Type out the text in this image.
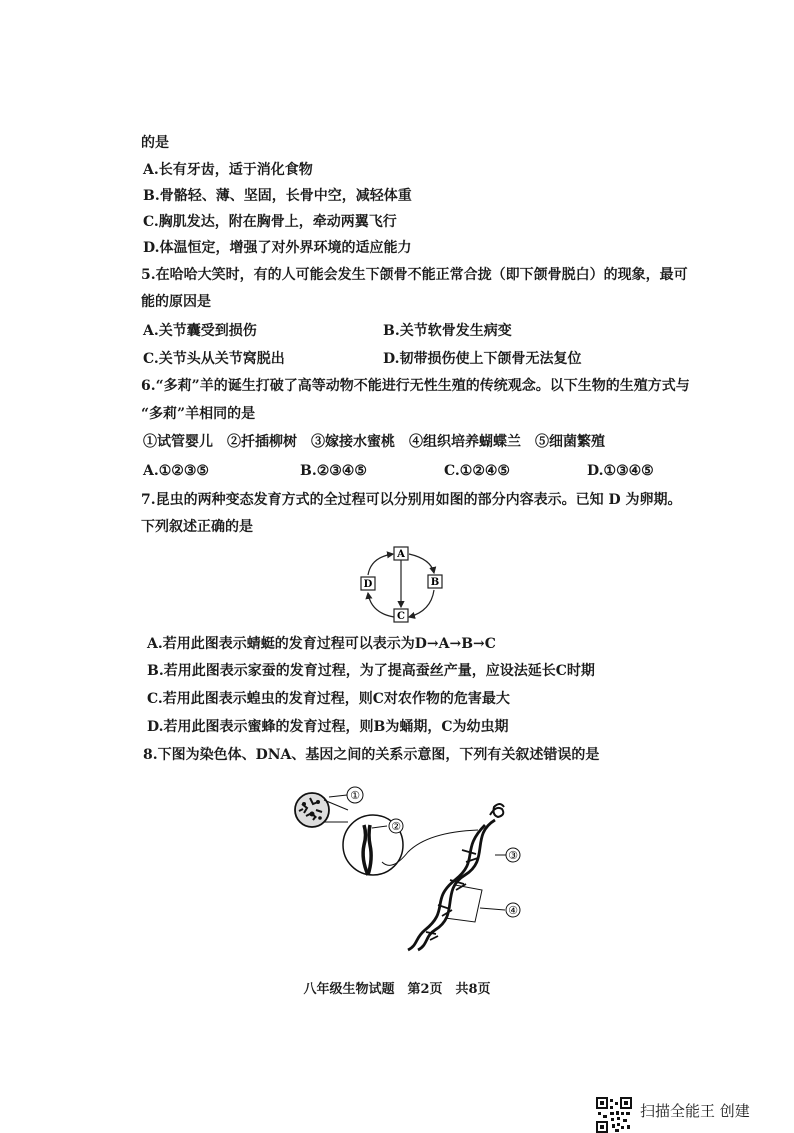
的是
A.长有牙齿，适于消化食物
B.骨骼轻、薄、坚固，长骨中空，减轻体重
C.胸肌发达，附在胸骨上，牵动两翼飞行
D.体温恒定，增强了对外界环境的适应能力
5.在哈哈大笑时，有的人可能会发生下颌骨不能正常合拢（即下颌骨脱白）的现象，最可
能的原因是
A.关节囊受到损伤	B.关节软骨发生病变
C.关节头从关节窝脱出	D.韧带损伤使上下颌骨无法复位
6.“多莉”羊的诞生打破了高等动物不能进行无性生殖的传统观念。以下生物的生殖方式与
“多莉”羊相同的是
①试管婴儿　②扦插柳树　③嫁接水蜜桃　④组织培养蝴蝶兰　⑤细菌繁殖
A.①②③⑤	B.②③④⑤	C.①②④⑤	D.①③④⑤
7.昆虫的两种变态发育方式的全过程可以分别用如图的部分内容表示。已知 D 为卵期。
下列叙述正确的是
A
B
C
D
A.若用此图表示蜻蜓的发育过程可以表示为D→A→B→C
B.若用此图表示家蚕的发育过程，为了提高蚕丝产量，应设法延长C时期
C.若用此图表示蝗虫的发育过程，则C对农作物的危害最大
D.若用此图表示蜜蜂的发育过程，则B为蛹期，C为幼虫期
8.下图为染色体、DNA、基因之间的关系示意图，下列有关叙述错误的是
①
②
③
④
八年级生物试题　第2页　共8页
扫描全能王 创建
